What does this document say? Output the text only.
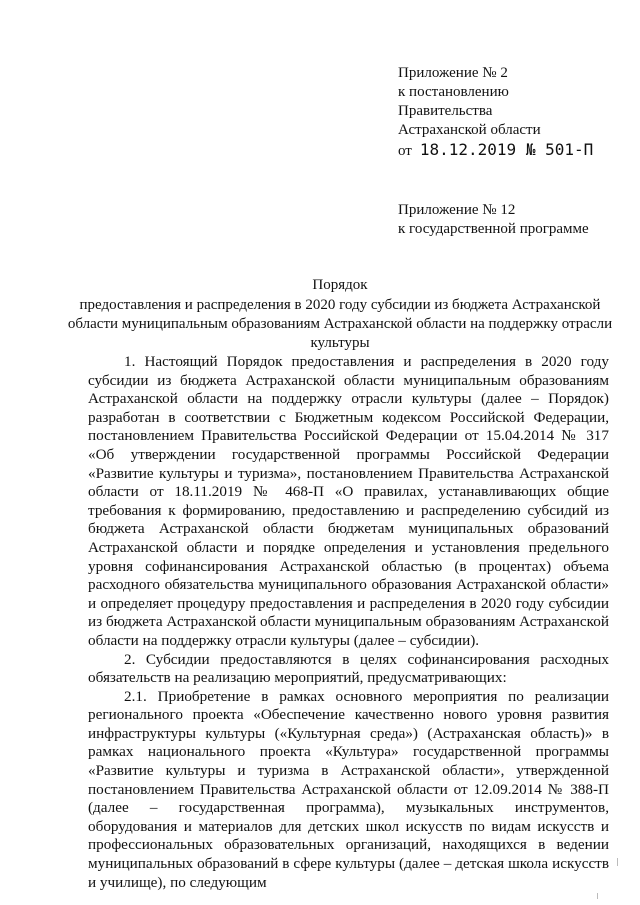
Приложение № 2
к постановлению
Правительства
Астраханской области
от 18.12.2019 № 501-П
Приложение № 12
к государственной программе
Порядок
предоставления и распределения в 2020 году субсидии из бюджета Астраханской области муниципальным образованиям Астраханской области на поддержку отрасли культуры

1. Настоящий Порядок предоставления и распределения в 2020 году субсидии из бюджета Астраханской области муниципальным образованиям Астраханской области на поддержку отрасли культуры (далее – Порядок) разработан в соответствии с Бюджетным кодексом Российской Федерации, постановлением Правительства Российской Федерации от 15.04.2014 № 317 «Об утверждении государственной программы Российской Федерации «Развитие культуры и туризма», постановлением Правительства Астраханской области от 18.11.2019 № 468-П «О правилах, устанавливающих общие требования к формированию, предоставлению и распределению субсидий из бюджета Астраханской области бюджетам муниципальных образований Астраханской области и порядке определения и установления предельного уровня софинансирования Астраханской областью (в процентах) объема расходного обязательства муниципального образования Астраханской области» и определяет процедуру предоставления и распределения в 2020 году субсидии из бюджета Астраханской области муниципальным образованиям Астраханской области на поддержку отрасли культуры (далее – субсидии).

2. Субсидии предоставляются в целях софинансирования расходных обязательств на реализацию мероприятий, предусматривающих:

2.1. Приобретение в рамках основного мероприятия по реализации регионального проекта «Обеспечение качественно нового уровня развития инфраструктуры культуры («Культурная среда») (Астраханская область)» в рамках национального проекта «Культура» государственной программы «Развитие культуры и туризма в Астраханской области», утвержденной постановлением Правительства Астраханской области от 12.09.2014 № 388-П (далее – государственная программа), музыкальных инструментов, оборудования и материалов для детских школ искусств по видам искусств и профессиональных образовательных организаций, находящихся в ведении муниципальных образований в сфере культуры (далее – детская школа искусств и училище), по следующим
